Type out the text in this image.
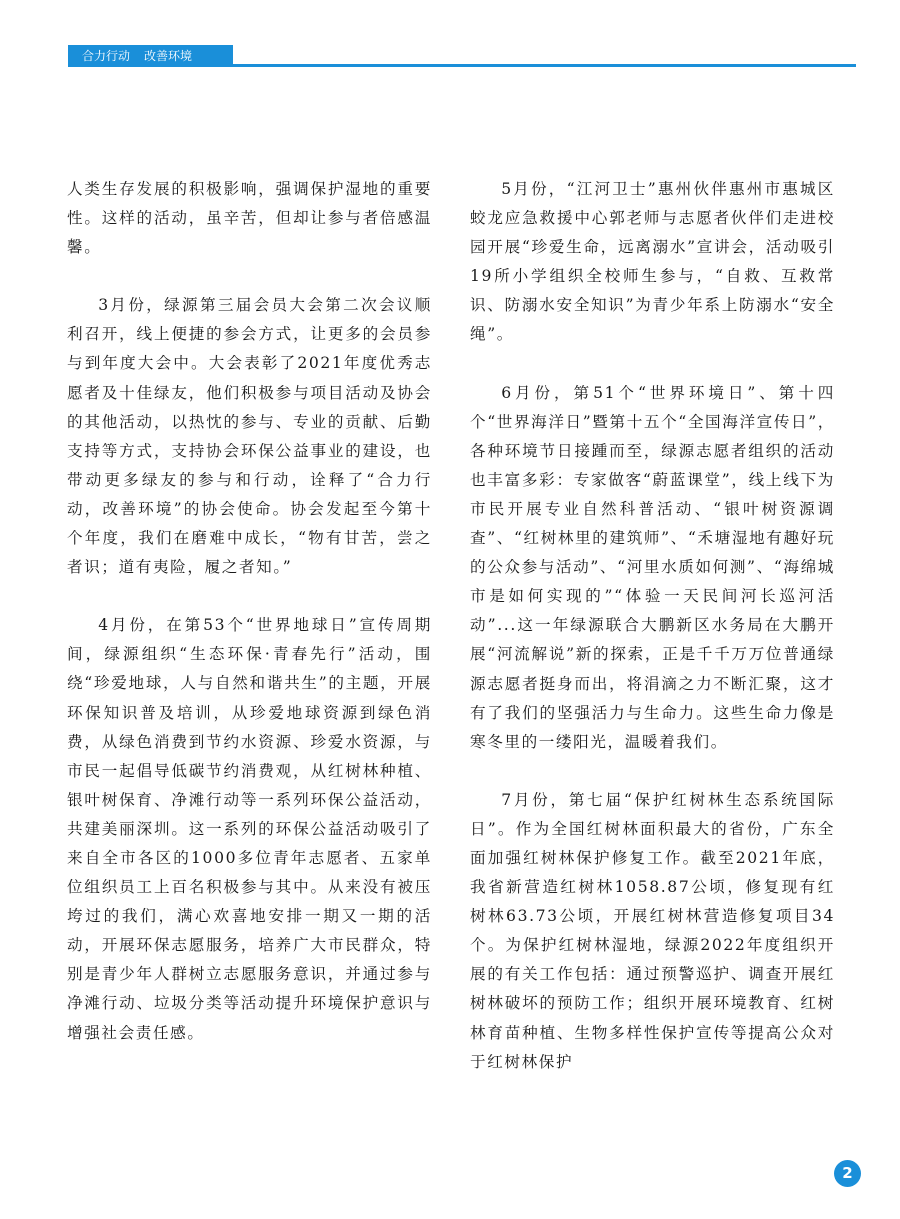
合力行动 改善环境

人类生存发展的积极影响，强调保护湿地的重要性。这样的活动，虽辛苦，但却让参与者倍感温馨。

3月份，绿源第三届会员大会第二次会议顺利召开，线上便捷的参会方式，让更多的会员参与到年度大会中。大会表彰了2021年度优秀志愿者及十佳绿友，他们积极参与项目活动及协会的其他活动，以热忱的参与、专业的贡献、后勤支持等方式，支持协会环保公益事业的建设，也带动更多绿友的参与和行动，诠释了“合力行动，改善环境”的协会使命。协会发起至今第十个年度，我们在磨难中成长，“物有甘苦，尝之者识；道有夷险，履之者知。”

4月份，在第53个“世界地球日”宣传周期间，绿源组织“生态环保·青春先行”活动，围绕“珍爱地球，人与自然和谐共生”的主题，开展环保知识普及培训，从珍爱地球资源到绿色消费，从绿色消费到节约水资源、珍爱水资源，与市民一起倡导低碳节约消费观，从红树林种植、银叶树保育、净滩行动等一系列环保公益活动，共建美丽深圳。这一系列的环保公益活动吸引了来自全市各区的1000多位青年志愿者、五家单位组织员工上百名积极参与其中。从来没有被压垮过的我们，满心欢喜地安排一期又一期的活动，开展环保志愿服务，培养广大市民群众，特别是青少年人群树立志愿服务意识，并通过参与净滩行动、垃圾分类等活动提升环境保护意识与增强社会责任感。

5月份，“江河卫士”惠州伙伴惠州市惠城区蛟龙应急救援中心郭老师与志愿者伙伴们走进校园开展“珍爱生命，远离溺水”宣讲会，活动吸引19所小学组织全校师生参与，“自救、互救常识、防溺水安全知识”为青少年系上防溺水“安全绳”。

6月份，第51个“世界环境日”、第十四个“世界海洋日”暨第十五个“全国海洋宣传日”，各种环境节日接踵而至，绿源志愿者组织的活动也丰富多彩：专家做客“蔚蓝课堂”，线上线下为市民开展专业自然科普活动、“银叶树资源调查”、“红树林里的建筑师”、“禾塘湿地有趣好玩的公众参与活动”、“河里水质如何测”、“海绵城市是如何实现的”“体验一天民间河长巡河活动”...这一年绿源联合大鹏新区水务局在大鹏开展“河流解说”新的探索，正是千千万万位普通绿源志愿者挺身而出，将涓滴之力不断汇聚，这才有了我们的坚强活力与生命力。这些生命力像是寒冬里的一缕阳光，温暖着我们。

7月份，第七届“保护红树林生态系统国际日”。作为全国红树林面积最大的省份，广东全面加强红树林保护修复工作。截至2021年底，我省新营造红树林1058.87公顷，修复现有红树林63.73公顷，开展红树林营造修复项目34个。为保护红树林湿地，绿源2022年度组织开展的有关工作包括：通过预警巡护、调查开展红树林破坏的预防工作；组织开展环境教育、红树林育苗种植、生物多样性保护宣传等提高公众对于红树林保护

2
